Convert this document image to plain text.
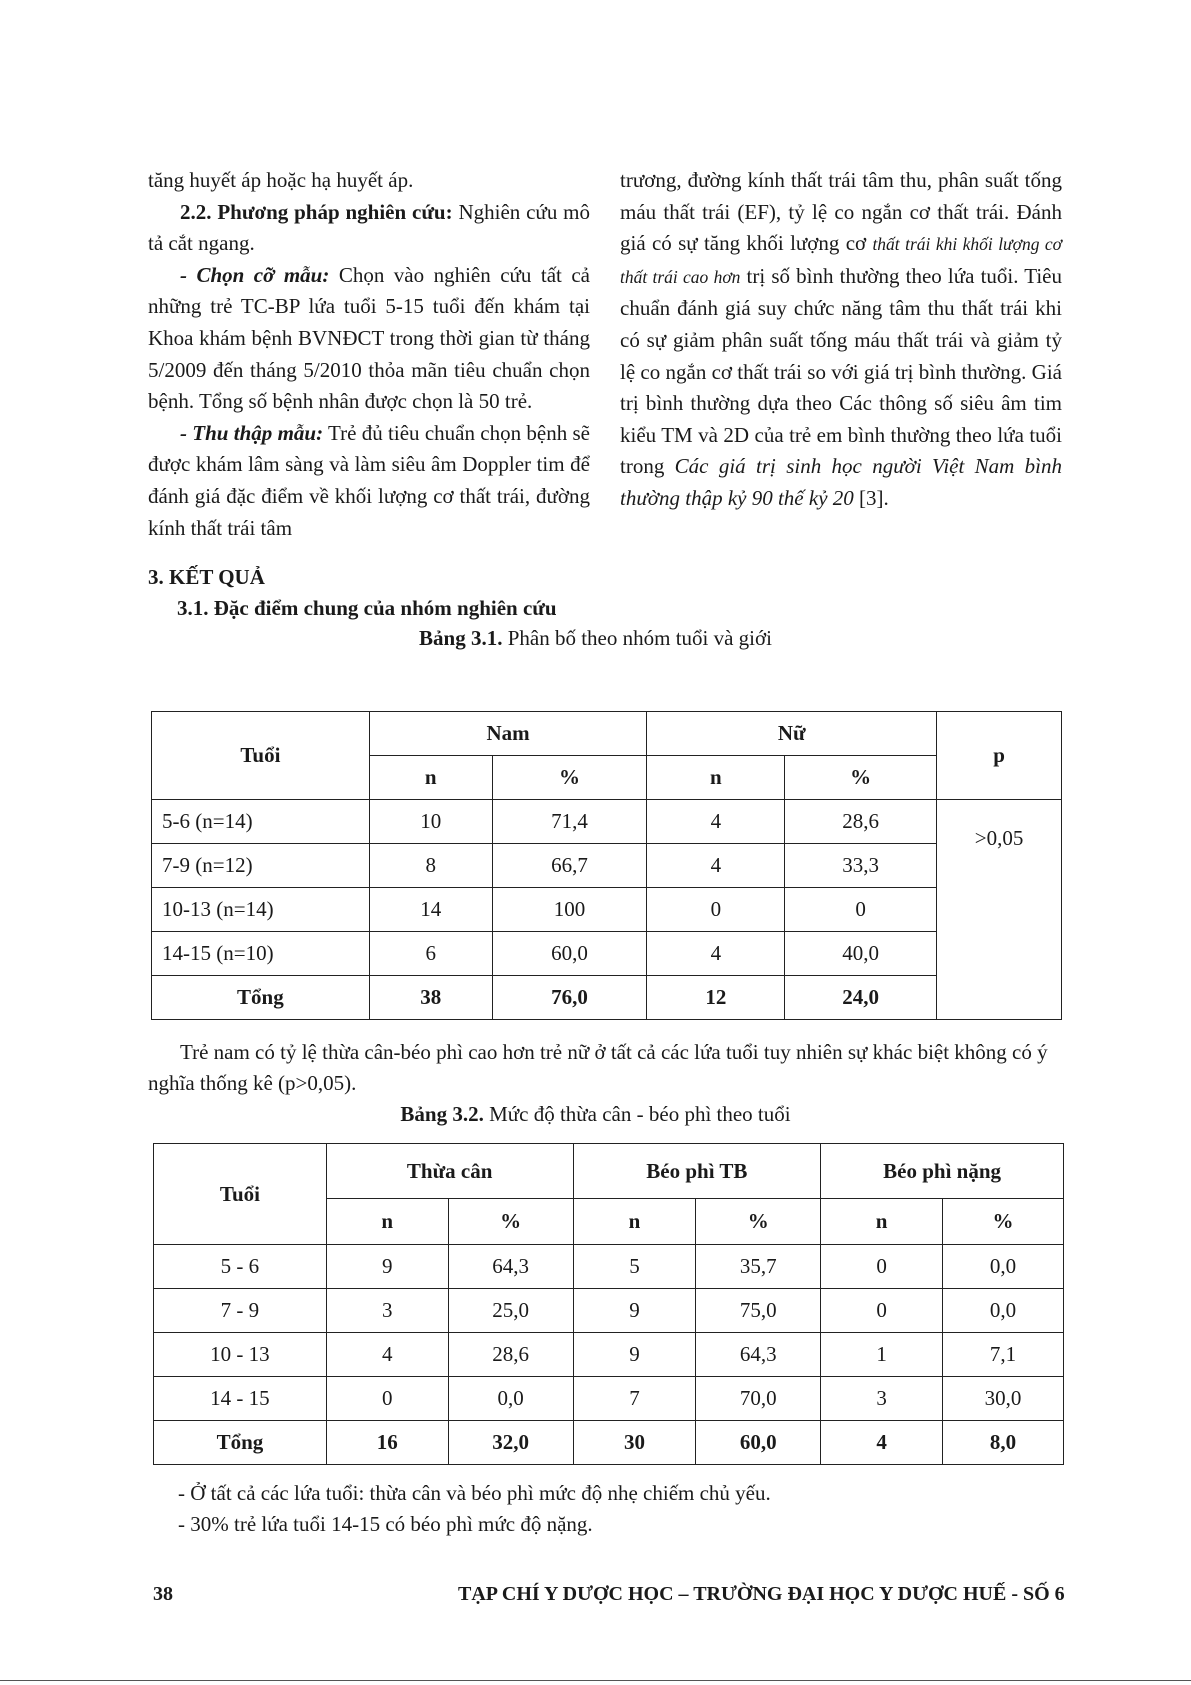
tăng huyết áp hoặc hạ huyết áp.

2.2. Phương pháp nghiên cứu: Nghiên cứu mô tả cắt ngang.

- Chọn cỡ mẫu: Chọn vào nghiên cứu tất cả những trẻ TC-BP lứa tuổi 5-15 tuổi đến khám tại Khoa khám bệnh BVNĐCT trong thời gian từ tháng 5/2009 đến tháng 5/2010 thỏa mãn tiêu chuẩn chọn bệnh. Tổng số bệnh nhân được chọn là 50 trẻ.

- Thu thập mẫu: Trẻ đủ tiêu chuẩn chọn bệnh sẽ được khám lâm sàng và làm siêu âm Doppler tim để đánh giá đặc điểm về khối lượng cơ thất trái, đường kính thất trái tâm

trương, đường kính thất trái tâm thu, phân suất tống máu thất trái (EF), tỷ lệ co ngắn cơ thất trái. Đánh giá có sự tăng khối lượng cơ thất trái khi khối lượng cơ thất trái cao hơn trị số bình thường theo lứa tuổi. Tiêu chuẩn đánh giá suy chức năng tâm thu thất trái khi có sự giảm phân suất tống máu thất trái và giảm tỷ lệ co ngắn cơ thất trái so với giá trị bình thường. Giá trị bình thường dựa theo Các thông số siêu âm tim kiểu TM và 2D của trẻ em bình thường theo lứa tuổi trong Các giá trị sinh học người Việt Nam bình thường thập kỷ 90 thế kỷ 20 [3].

3. KẾT QUẢ
3.1. Đặc điểm chung của nhóm nghiên cứu
Bảng 3.1. Phân bố theo nhóm tuổi và giới
Tuổi	Nam		Nữ		p
	n	%	n	%	
5-6 (n=14)	10	71,4	4	28,6	>0,05
7-9 (n=12)	8	66,7	4	33,3	
10-13 (n=14)	14	100	0	0	
14-15 (n=10)	6	60,0	4	40,0	
Tổng	38	76,0	12	24,0	

Trẻ nam có tỷ lệ thừa cân-béo phì cao hơn trẻ nữ ở tất cả các lứa tuổi tuy nhiên sự khác biệt không có ý nghĩa thống kê (p>0,05).

Bảng 3.2. Mức độ thừa cân - béo phì theo tuổi
Tuổi	Thừa cân		Béo phì TB		Béo phì nặng	
	n	%	n	%	n	%
5 - 6	9	64,3	5	35,7	0	0,0
7 - 9	3	25,0	9	75,0	0	0,0
10 - 13	4	28,6	9	64,3	1	7,1
14 - 15	0	0,0	7	70,0	3	30,0
Tổng	16	32,0	30	60,0	4	8,0

- Ở tất cả các lứa tuổi: thừa cân và béo phì mức độ nhẹ chiếm chủ yếu.

- 30% trẻ lứa tuổi 14-15 có béo phì mức độ nặng.

38	TẠP CHÍ Y DƯỢC HỌC – TRƯỜNG ĐẠI HỌC Y DƯỢC HUẾ - SỐ 6
